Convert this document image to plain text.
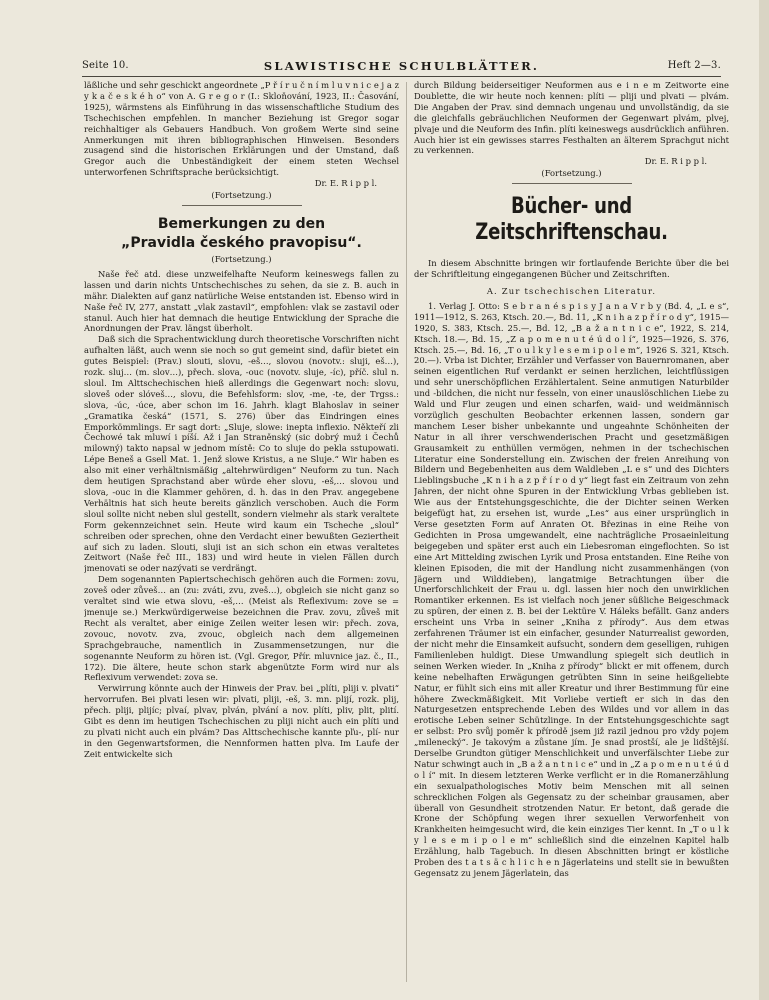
Seite 10.	SLAWISTISCHE SCHULBLÄTTER.	Heft 2—3.

läßliche und sehr geschickt angeordnete „P ř í r u č n í m l u v n i c e j a z y k a č e s k é h o“ von A. G r e g o r (I.: Skloňování, 1923, II.: Časování, 1925), wärmstens als Einführung in das wissenschaftliche Studium des Tschechischen empfehlen. In mancher Beziehung ist Gregor sogar reichhaltiger als Gebauers Handbuch. Von großem Werte sind seine Anmerkungen mit ihren bibliographischen Hinweisen. Besonders zusagend sind die historischen Erklärungen und der Umstand, daß Gregor auch die Unbeständigkeit der einem steten Wechsel unterworfenen Schriftsprache berücksichtigt.

Dr. E. R i p p l.
(Fortsetzung.)
Bemerkungen zu den
„Pravidla českého pravopisu“.
(Fortsetzung.)

Naše řeč atd. diese unzweifelhafte Neuform keineswegs fallen zu lassen und darin nichts Untschechisches zu sehen, da sie z. B. auch in mähr. Dialekten auf ganz natürliche Weise entstanden ist. Ebenso wird in Naše řeč IV, 277, anstatt „vlak zastavil“, empfohlen: vlak se zastavil oder stanul. Auch hier hat demnach die heutige Entwicklung der Sprache die Anordnungen der Prav. längst überholt.

Daß sich die Sprachentwicklung durch theoretische Vorschriften nicht aufhalten läßt, auch wenn sie noch so gut gemeint sind, dafür bietet ein gutes Beispiel: (Prav.) slouti, slovu, -eš…, slovou (novotv.: sluji, eš…), rozk. sluj… (m. slov…), přech. slova, -ouc (novotv. sluje, -íc), příč. slul n. sloul. Im Alttschechischen hieß allerdings die Gegenwart noch: slovu, sloveš oder slóveš…, slovu, die Befehlsform: slov, -me, -te, der Trgss.: slova, -úc, -úce, aber schon im 16. Jahrh. klagt Blahoslav in seiner „Gramatika česká“ (1571, S. 276) über das Eindringen eines Emporkömmlings. Er sagt dort: „Sluje, slowe: inepta inflexio. Někteří zli Čechowé tak mluwí i píší. Až i Jan Straněnský (sic dobrý muž i Čechů milowný) takto napsal w jednom místě: Co to sluje do pekla sstupowati. Lépe Beneš a Gsell Mat. 1. Jenž slowe Kristus, a ne Sluje.“ Wir haben es also mit einer verhältnismäßig „altehrwürdigen“ Neuform zu tun. Nach dem heutigen Sprachstand aber würde eher slovu, -eš,… slovou und slova, -ouc in die Klammer gehören, d. h. das in den Prav. angegebene Verhältnis hat sich heute bereits gänzlich verschoben. Auch die Form sloul sollte nicht neben slul gestellt, sondern vielmehr als stark veraltete Form gekennzeichnet sein. Heute wird kaum ein Tscheche „sloul“ schreiben oder sprechen, ohne den Verdacht einer bewußten Geziertheit auf sich zu laden. Slouti, sluji ist an sich schon ein etwas veraltetes Zeitwort (Naše řeč III., 183) und wird heute in vielen Fällen durch jmenovati se oder nazývati se verdrängt.

Dem sogenannten Papiertschechisch gehören auch die Formen: zovu, zoveš oder zůveš… an (zu: zváti, zvu, zveš…), obgleich sie nicht ganz so veraltet sind wie etwa slovu, -eš,… (Meist als Reflexivum: zove se = jmenuje se.) Merkwürdigerweise bezeichnen die Prav. zovu, zůveš mit Recht als veraltet, aber einige Zeilen weiter lesen wir: přech. zova, zovouc, novotv. zva, zvouc, obgleich nach dem allgemeinen Sprachgebrauche, namentlich in Zusammensetzungen, nur die sogenannte Neuform zu hören ist. (Vgl. Gregor, Přír. mluvnice jaz. č., II., 172). Die ältere, heute schon stark abgenützte Form wird nur als Reflexivum verwendet: zova se.

Verwirrung könnte auch der Hinweis der Prav. bei „plíti, pliji v. plvati“ hervorrufen. Bei plvati lesen wir: plvati, pliji, -eš, 3. mn. plijí, rozk. plij, přech. pliji, plijíc; plvaí, plvav, plván, plvání a nov. plíti, pliv, plit, plití. Gibt es denn im heutigen Tschechischen zu pliji nicht auch ein plíti und zu plvati nicht auch ein plvám? Das Alttschechische kannte pľu-, plí- nur in den Gegenwartsformen, die Nennformen hatten plva. Im Laufe der Zeit entwickelte sich

durch Bildung beiderseitiger Neuformen aus e i n e m Zeitworte eine Doublette, die wir heute noch kennen: plíti — pliji und plvati — plvám. Die Angaben der Prav. sind demnach ungenau und unvollständig, da sie die gleichfalls gebräuchlichen Neuformen der Gegenwart plvám, plvej, plvaje und die Neuform des Infin. plíti keineswegs ausdrücklich anführen. Auch hier ist ein gewisses starres Festhalten an älterem Sprachgut nicht zu verkennen.

Dr. E. R i p p l.
(Fortsetzung.)
Bücher- und Zeitschriftenschau.

In diesem Abschnitte bringen wir fortlaufende Berichte über die bei der Schriftleitung eingegangenen Bücher und Zeitschriften.

A. Zur tschechischen Literatur.

1. Verlag J. Otto: S e b r a n é s p i s y J a n a V r b y (Bd. 4, „L e s“, 1911—1912, S. 263, Ktsch. 20.—, Bd. 11, „K n i h a z p ř í r o d y“, 1915—1920, S. 383, Ktsch. 25.—, Bd. 12, „B a ž a n t n i c e“, 1922, S. 214, Ktsch. 18.—, Bd. 15, „Z a p o m e n u t é ú d o l í“, 1925—1926, S. 376, Ktsch. 25.—, Bd. 16, „T o u l k y l e s e m i p o l e m“, 1926 S. 321, Ktsch. 20.—). Vrba ist Dichter, Erzähler und Verfasser von Bauernromanen, aber seinen eigentlichen Ruf verdankt er seinen herzlichen, leichtflüssigen und sehr unerschöpflichen Erzählertalent. Seine anmutigen Naturbilder und -bildchen, die nicht nur fesseln, von einer unauslöschlichen Liebe zu Wald und Flur zeugen und einen scharfen, waid- und weidmännisch vorzüglich geschulten Beobachter erkennen lassen, sondern gar manchem Leser bisher unbekannte und ungeahnte Schönheiten der Natur in all ihrer verschwenderischen Pracht und gesetzmäßigen Grausamkeit zu enthüllen vermögen, nehmen in der tschechischen Literatur eine Sonderstellung ein. Zwischen der freien Anreihung von Bildern und Begebenheiten aus dem Waldleben „L e s“ und des Dichters Lieblingsbuche „K n i h a z p ř í r o d y“ liegt fast ein Zeitraum von zehn Jahren, der nicht ohne Spuren in der Entwicklung Vrbas geblieben ist. Wie aus der Entstehungsgeschichte, die der Dichter seinen Werken beigefügt hat, zu ersehen ist, wurde „Les“ aus einer ursprünglich in Verse gesetzten Form auf Anraten Ot. Březinas in eine Reihe von Gedichten in Prosa umgewandelt, eine nachträgliche Prosaeinleitung beigegeben und später erst auch ein Liebesroman eingeflochten. So ist eine Art Mittelding zwischen Lyrik und Prosa entstanden. Eine Reihe von kleinen Episoden, die mit der Handlung nicht zusammenhängen (von Jägern und Wilddieben), langatmige Betrachtungen über die Unerforschlichkeit der Frau u. dgl. lassen hier noch den unwirklichen Romantiker erkennen. Es ist vielfach noch jener süßliche Beigeschmack zu spüren, der einen z. B. bei der Lektüre V. Háleks befällt. Ganz anders erscheint uns Vrba in seiner „Kniha z přírody“. Aus dem etwas zerfahrenen Träumer ist ein einfacher, gesunder Naturrealist geworden, der nicht mehr die Einsamkeit aufsucht, sondern dem geselligen, ruhigen Familienleben huldigt. Diese Umwandlung spiegelt sich deutlich in seinen Werken wieder. In „Kniha z přírody“ blickt er mit offenem, durch keine nebelhaften Erwägungen getrübten Sinn in seine heißgeliebte Natur, er fühlt sich eins mit aller Kreatur und ihrer Bestimmung für eine höhere Zweckmäßigkeit. Mit Vorliebe vertieft er sich in das den Naturgesetzen entsprechende Leben des Wildes und vor allem in das erotische Leben seiner Schützlinge. In der Entstehungsgeschichte sagt er selbst: Pro svůj poměr k přírodě jsem již razil jednou pro vždy pojem „milenecký“. Je takovým a zůstane jím. Je snad prostší, ale je lidštější. Derselbe Grundton gütiger Menschlichkeit und unverfälschter Liebe zur Natur schwingt auch in „B a ž a n t n i c e“ und in „Z a p o m e n u t é ú d o l í“ mit. In diesem letzteren Werke verflicht er in die Romanerzählung ein sexualpathologisches Motiv beim Menschen mit all seinen schrecklichen Folgen als Gegensatz zu der scheinbar grausamen, aber überall von Gesundheit strotzenden Natur. Er betont, daß gerade die Krone der Schöpfung wegen ihrer sexuellen Verworfenheit von Krankheiten heimgesucht wird, die kein einziges Tier kennt. In „T o u l k y l e s e m i p o l e m“ schließlich sind die einzelnen Kapitel halb Erzählung, halb Tagebuch. In diesen Abschnitten bringt er köstliche Proben des t a t s ä c h l i c h e n Jägerlateins und stellt sie in bewußten Gegensatz zu jenem Jägerlatein, das
